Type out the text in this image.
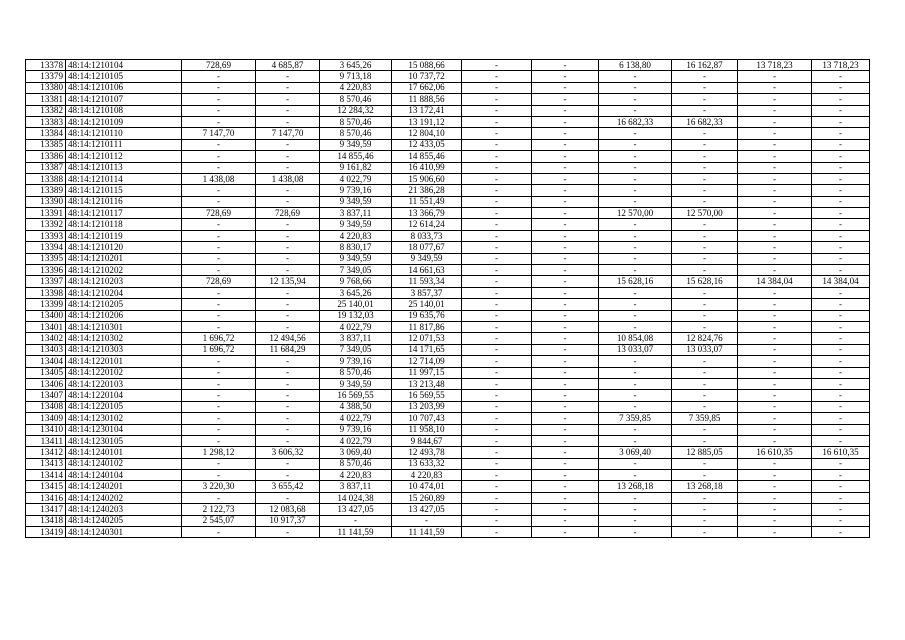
13378	48:14:1210104	728,69	4 685,87	3 645,26	15 088,66	-	-	6 138,80	16 162,87	13 718,23	13 718,23
13379	48:14:1210105	-	-	9 713,18	10 737,72	-	-	-	-	-	-
13380	48:14:1210106	-	-	4 220,83	17 662,06	-	-	-	-	-	-
13381	48:14:1210107	-	-	8 570,46	11 888,56	-	-	-	-	-	-
13382	48:14:1210108	-	-	12 284,32	13 172,41	-	-	-	-	-	-
13383	48:14:1210109	-	-	8 570,46	13 191,12	-	-	16 682,33	16 682,33	-	-
13384	48:14:1210110	7 147,70	7 147,70	8 570,46	12 804,10	-	-	-	-	-	-
13385	48:14:1210111	-	-	9 349,59	12 433,05	-	-	-	-	-	-
13386	48:14:1210112	-	-	14 855,46	14 855,46	-	-	-	-	-	-
13387	48:14:1210113	-	-	9 161,82	16 410,99	-	-	-	-	-	-
13388	48:14:1210114	1 438,08	1 438,08	4 022,79	15 906,60	-	-	-	-	-	-
13389	48:14:1210115	-	-	9 739,16	21 386,28	-	-	-	-	-	-
13390	48:14:1210116	-	-	9 349,59	11 551,49	-	-	-	-	-	-
13391	48:14:1210117	728,69	728,69	3 837,11	13 366,79	-	-	12 570,00	12 570,00	-	-
13392	48:14:1210118	-	-	9 349,59	12 614,24	-	-	-	-	-	-
13393	48:14:1210119	-	-	4 220,83	8 033,73	-	-	-	-	-	-
13394	48:14:1210120	-	-	8 830,17	18 077,67	-	-	-	-	-	-
13395	48:14:1210201	-	-	9 349,59	9 349,59	-	-	-	-	-	-
13396	48:14:1210202	-	-	7 349,05	14 661,63	-	-	-	-	-	-
13397	48:14:1210203	728,69	12 135,94	9 768,66	11 593,34	-	-	15 628,16	15 628,16	14 384,04	14 384,04
13398	48:14:1210204	-	-	3 645,26	3 857,37	-	-	-	-	-	-
13399	48:14:1210205	-	-	25 140,01	25 140,01	-	-	-	-	-	-
13400	48:14:1210206	-	-	19 132,03	19 635,76	-	-	-	-	-	-
13401	48:14:1210301	-	-	4 022,79	11 817,86	-	-	-	-	-	-
13402	48:14:1210302	1 696,72	12 494,56	3 837,11	12 071,53	-	-	10 854,08	12 824,76	-	-
13403	48:14:1210303	1 696,72	11 684,29	7 349,05	14 171,65	-	-	13 033,07	13 033,07	-	-
13404	48:14:1220101	-	-	9 739,16	12 714,09	-	-	-	-	-	-
13405	48:14:1220102	-	-	8 570,46	11 997,15	-	-	-	-	-	-
13406	48:14:1220103	-	-	9 349,59	13 213,48	-	-	-	-	-	-
13407	48:14:1220104	-	-	16 569,55	16 569,55	-	-	-	-	-	-
13408	48:14:1220105	-	-	4 388,50	13 203,99	-	-	-	-	-	-
13409	48:14:1230102	-	-	4 022,79	10 707,43	-	-	7 359,85	7 359,85	-	-
13410	48:14:1230104	-	-	9 739,16	11 958,10	-	-	-	-	-	-
13411	48:14:1230105	-	-	4 022,79	9 844,67	-	-	-	-	-	-
13412	48:14:1240101	1 298,12	3 606,32	3 069,40	12 493,78	-	-	3 069,40	12 885,05	16 610,35	16 610,35
13413	48:14:1240102	-	-	8 570,46	13 633,32	-	-	-	-	-	-
13414	48:14:1240104	-	-	4 220,83	4 220,83	-	-	-	-	-	-
13415	48:14:1240201	3 220,30	3 655,42	3 837,11	10 474,01	-	-	13 268,18	13 268,18	-	-
13416	48:14:1240202	-	-	14 024,38	15 260,89	-	-	-	-	-	-
13417	48:14:1240203	2 122,73	12 083,68	13 427,05	13 427,05	-	-	-	-	-	-
13418	48:14:1240205	2 545,07	10 917,37	-	-	-	-	-	-	-	-
13419	48:14:1240301	-	-	11 141,59	11 141,59	-	-	-	-	-	-
